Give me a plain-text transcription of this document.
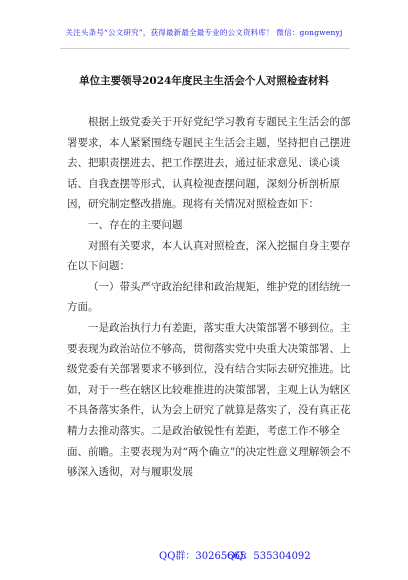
关注头条号“公文研究”，获得最新最全最专业的公文资料库！ 微信：gongwenyj
单位主要领导2024年度民主生活会个人对照检查材料

根据上级党委关于开好党纪学习教育专题民主生活会的部署要求，本人紧紧围绕专题民主生活会主题，坚持把自己摆进去、把职责摆进去、把工作摆进去，通过征求意见、谈心谈话、自我查摆等形式，认真检视查摆问题，深刻分析剖析原因，研究制定整改措施。现将有关情况对照检查如下：

一、存在的主要问题

对照有关要求，本人认真对照检查，深入挖掘自身主要存在以下问题：

（一）带头严守政治纪律和政治规矩，维护党的团结统一方面。

一是政治执行力有差距，落实重大决策部署不够到位。主要表现为政治站位不够高，贯彻落实党中央重大决策部署、上级党委有关部署要求不够到位，没有结合实际去研究推进。比如，对于一些在辖区比较难推进的决策部署，主观上认为辖区不具备落实条件，认为会上研究了就算是落实了，没有真正花精力去推动落实。二是政治敏锐性有差距，考虑工作不够全面、前瞻。主要表现为对“两个确立”的决定性意义理解领会不够深入透彻，对与履职发展

QQ群：30265665
QQ：535304092
